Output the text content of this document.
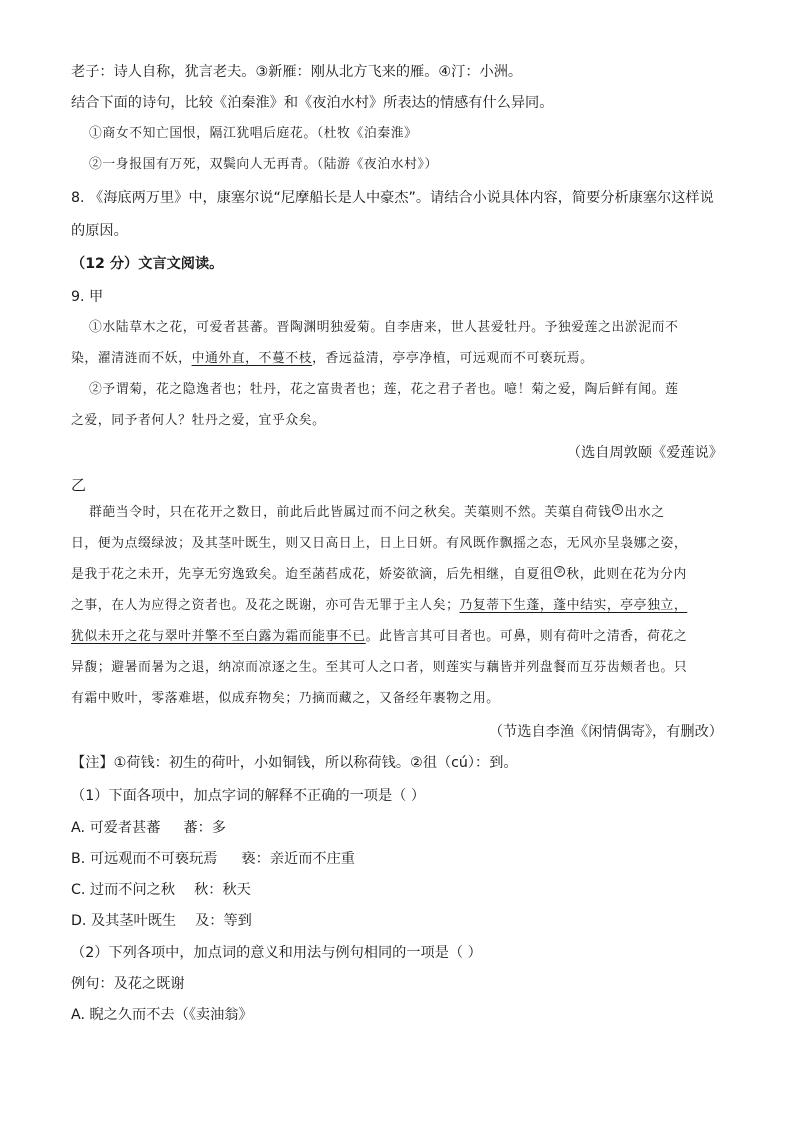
老子：诗人自称，犹言老夫。③新雁：刚从北方飞来的雁。④汀：小洲。
结合下面的诗句，比较《泊秦淮》和《夜泊水村》所表达的情感有什么异同。
①商女不知亡国恨，隔江犹唱后庭花。（杜牧《泊秦淮》
②一身报国有万死，双鬓向人无再青。（陆游《夜泊水村》）
8. 《海底两万里》中，康塞尔说“尼摩船长是人中豪杰”。请结合小说具体内容，简要分析康塞尔这样说
的原因。
（12 分）文言文阅读。
9. 甲
①水陆草木之花，可爱者甚蕃。晋陶渊明独爱菊。自李唐来，世人甚爱牡丹。予独爱莲之出淤泥而不
染，濯清涟而不妖，中通外直，不蔓不枝，香远益清，亭亭净植，可远观而不可亵玩焉。
②予谓菊，花之隐逸者也；牡丹，花之富贵者也；莲，花之君子者也。噫！菊之爱，陶后鲜有闻。莲
之爱，同予者何人？牡丹之爱，宜乎众矣。
（选自周敦颐《爱莲说》
乙
群葩当令时，只在花开之数日，前此后此皆属过而不问之秋矣。芙蕖则不然。芙蕖自荷钱 ① 出水之
日，便为点缀绿波；及其茎叶既生，则又日高日上，日上日妍。有风既作飘摇之态，无风亦呈袅娜之姿，
是我于花之未开，先享无穷逸致矣。迨至菡萏成花，娇姿欲滴，后先相继，自夏徂 ② 秋，此则在花为分内
之事，在人为应得之资者也。及花之既谢，亦可告无罪于主人矣；乃复蒂下生蓬，蓬中结实，亭亭独立，
犹似未开之花与翠叶并擎不至白露为霜而能事不已。此皆言其可目者也。可鼻，则有荷叶之清香，荷花之
异馥；避暑而暑为之退，纳凉而凉逐之生。至其可人之口者，则莲实与藕皆并列盘餐而互芬齿颊者也。只
有霜中败叶，零落难堪，似成弃物矣；乃摘而藏之，又备经年裹物之用。
（节选自李渔《闲情偶寄》，有删改）
【注】①荷钱：初生的荷叶，小如铜钱，所以称荷钱。②徂（cú）：到。
（1）下面各项中，加点字词的解释不正确的一项是（ ）
A. 可爱者甚蕃 蕃：多
B. 可远观而不可亵玩焉 亵：亲近而不庄重
C. 过而不问之秋 秋：秋天
D. 及其茎叶既生 及：等到
（2）下列各项中，加点词的意义和用法与例句相同的一项是（ ）
例句：及花之既谢
A. 睨之久而不去（《卖油翁》
